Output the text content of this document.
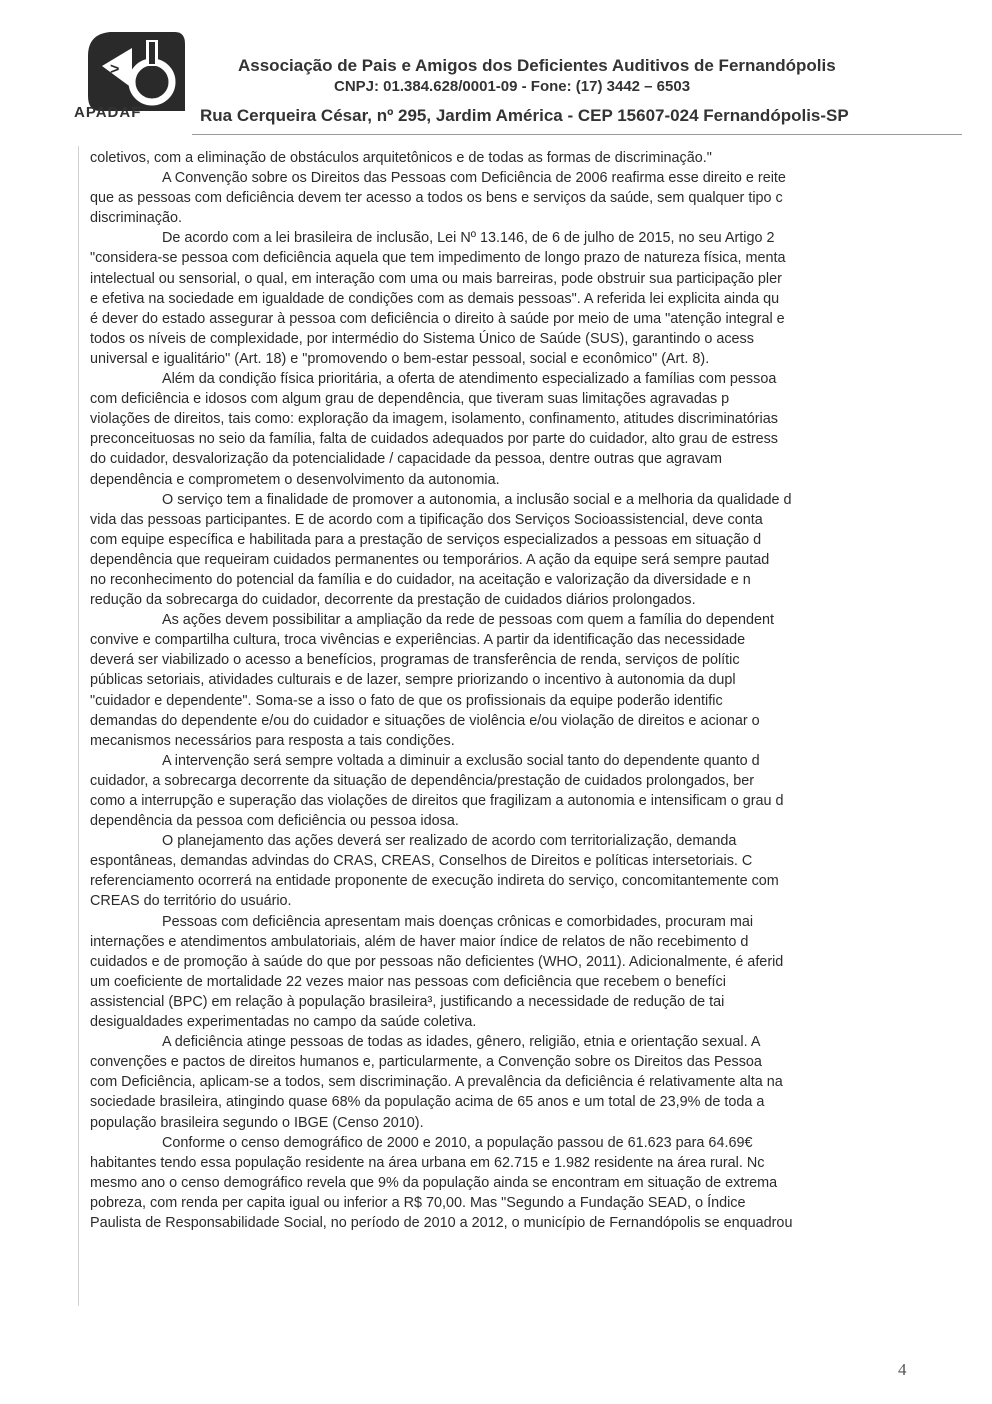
>
APADAF
Associação de Pais e Amigos dos Deficientes Auditivos de Fernandópolis
CNPJ: 01.384.628/0001-09 - Fone: (17) 3442 – 6503
Rua Cerqueira César, nº 295, Jardim América - CEP 15607-024 Fernandópolis-SP

coletivos, com a eliminação de obstáculos arquitetônicos e de todas as formas de discriminação."

A Convenção sobre os Direitos das Pessoas com Deficiência de 2006 reafirma esse direito e reite

que as pessoas com deficiência devem ter acesso a todos os bens e serviços da saúde, sem qualquer tipo c

discriminação.

De acordo com a lei brasileira de inclusão, Lei Nº 13.146, de 6 de julho de 2015, no seu Artigo 2

"considera-se pessoa com deficiência aquela que tem impedimento de longo prazo de natureza física, menta

intelectual ou sensorial, o qual, em interação com uma ou mais barreiras, pode obstruir sua participação pler

e efetiva na sociedade em igualdade de condições com as demais pessoas". A referida lei explicita ainda qu

é dever do estado assegurar à pessoa com deficiência o direito à saúde por meio de uma "atenção integral e

todos os níveis de complexidade, por intermédio do Sistema Único de Saúde (SUS), garantindo o acess

universal e igualitário" (Art. 18) e "promovendo o bem-estar pessoal, social e econômico" (Art. 8).

Além da condição física prioritária, a oferta de atendimento especializado a famílias com pessoa

com deficiência e idosos com algum grau de dependência, que tiveram suas limitações agravadas p

violações de direitos, tais como: exploração da imagem, isolamento, confinamento, atitudes discriminatórias

preconceituosas no seio da família, falta de cuidados adequados por parte do cuidador, alto grau de estress

do cuidador, desvalorização da potencialidade / capacidade da pessoa, dentre outras que agravam

dependência e comprometem o desenvolvimento da autonomia.

O serviço tem a finalidade de promover a autonomia, a inclusão social e a melhoria da qualidade d

vida das pessoas participantes. E de acordo com a tipificação dos Serviços Socioassistencial, deve conta

com equipe específica e habilitada para a prestação de serviços especializados a pessoas em situação d

dependência que requeiram cuidados permanentes ou temporários. A ação da equipe será sempre pautad

no reconhecimento do potencial da família e do cuidador, na aceitação e valorização da diversidade e n

redução da sobrecarga do cuidador, decorrente da prestação de cuidados diários prolongados.

As ações devem possibilitar a ampliação da rede de pessoas com quem a família do dependent

convive e compartilha cultura, troca vivências e experiências. A partir da identificação das necessidade

deverá ser viabilizado o acesso a benefícios, programas de transferência de renda, serviços de polític

públicas setoriais, atividades culturais e de lazer, sempre priorizando o incentivo à autonomia da dupl

"cuidador e dependente". Soma-se a isso o fato de que os profissionais da equipe poderão identific

demandas do dependente e/ou do cuidador e situações de violência e/ou violação de direitos e acionar o

mecanismos necessários para resposta a tais condições.

A intervenção será sempre voltada a diminuir a exclusão social tanto do dependente quanto d

cuidador, a sobrecarga decorrente da situação de dependência/prestação de cuidados prolongados, ber

como a interrupção e superação das violações de direitos que fragilizam a autonomia e intensificam o grau d

dependência da pessoa com deficiência ou pessoa idosa.

O planejamento das ações deverá ser realizado de acordo com territorialização, demanda

espontâneas, demandas advindas do CRAS, CREAS, Conselhos de Direitos e políticas intersetoriais. C

referenciamento ocorrerá na entidade proponente de execução indireta do serviço, concomitantemente com

CREAS do território do usuário.

Pessoas com deficiência apresentam mais doenças crônicas e comorbidades, procuram mai

internações e atendimentos ambulatoriais, além de haver maior índice de relatos de não recebimento d

cuidados e de promoção à saúde do que por pessoas não deficientes (WHO, 2011). Adicionalmente, é aferid

um coeficiente de mortalidade 22 vezes maior nas pessoas com deficiência que recebem o benefíci

assistencial (BPC) em relação à população brasileira³, justificando a necessidade de redução de tai

desigualdades experimentadas no campo da saúde coletiva.

A deficiência atinge pessoas de todas as idades, gênero, religião, etnia e orientação sexual. A

convenções e pactos de direitos humanos e, particularmente, a Convenção sobre os Direitos das Pessoa

com Deficiência, aplicam-se a todos, sem discriminação. A prevalência da deficiência é relativamente alta na

sociedade brasileira, atingindo quase 68% da população acima de 65 anos e um total de 23,9% de toda a

população brasileira segundo o IBGE (Censo 2010).

Conforme o censo demográfico de 2000 e 2010, a população passou de 61.623 para 64.69€

habitantes tendo essa população residente na área urbana em 62.715 e 1.982 residente na área rural. Nc

mesmo ano o censo demográfico revela que 9% da população ainda se encontram em situação de extrema

pobreza, com renda per capita igual ou inferior a R$ 70,00. Mas "Segundo a Fundação SEAD, o Índice

Paulista de Responsabilidade Social, no período de 2010 a 2012, o município de Fernandópolis se enquadrou

4
